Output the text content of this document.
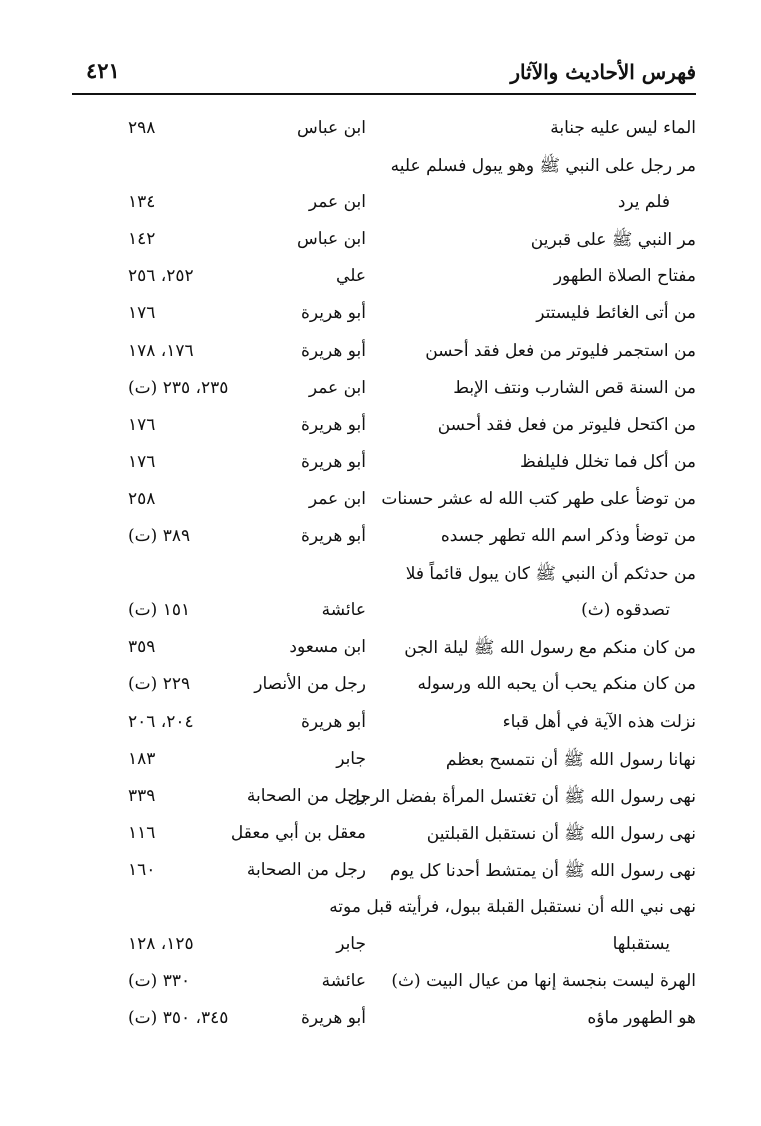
فهرس الأحاديث والآثار
٤٢١
الماء ليس عليه جنابة
ابن عباس
٢٩٨
مر رجل على النبي ﷺ وهو يبول فسلم عليه
فلم يرد
ابن عمر
١٣٤
مر النبي ﷺ على قبرين
ابن عباس
١٤٢
مفتاح الصلاة الطهور
علي
٢٥٢، ٢٥٦
من أتى الغائط فليستتر
أبو هريرة
١٧٦
من استجمر فليوتر من فعل فقد أحسن
أبو هريرة
١٧٦، ١٧٨
من السنة قص الشارب ونتف الإبط
ابن عمر
٢٣٥، ٢٣٥ (ت)
من اكتحل فليوتر من فعل فقد أحسن
أبو هريرة
١٧٦
من أكل فما تخلل فليلفظ
أبو هريرة
١٧٦
من توضأ على طهر كتب الله له عشر حسنات
ابن عمر
٢٥٨
من توضأ وذكر اسم الله تطهر جسده
أبو هريرة
٣٨٩ (ت)
من حدثكم أن النبي ﷺ كان يبول قائماً فلا
تصدقوه (ث)
عائشة
١٥١ (ت)
من كان منكم مع رسول الله ﷺ ليلة الجن
ابن مسعود
٣٥٩
من كان منكم يحب أن يحبه الله ورسوله
رجل من الأنصار
٢٢٩ (ت)
نزلت هذه الآية في أهل قباء
أبو هريرة
٢٠٤، ٢٠٦
نهانا رسول الله ﷺ أن نتمسح بعظم
جابر
١٨٣
نهى رسول الله ﷺ أن تغتسل المرأة بفضل الرجل
رجل من الصحابة
٣٣٩
نهى رسول الله ﷺ أن نستقبل القبلتين
معقل بن أبي معقل
١١٦
نهى رسول الله ﷺ أن يمتشط أحدنا كل يوم
رجل من الصحابة
١٦٠
نهى نبي الله أن نستقبل القبلة ببول، فرأيته قبل موته
يستقبلها
جابر
١٢٥، ١٢٨
الهرة ليست بنجسة إنها من عيال البيت (ث)
عائشة
٣٣٠ (ت)
هو الطهور ماؤه
أبو هريرة
٣٤٥، ٣٥٠ (ت)
